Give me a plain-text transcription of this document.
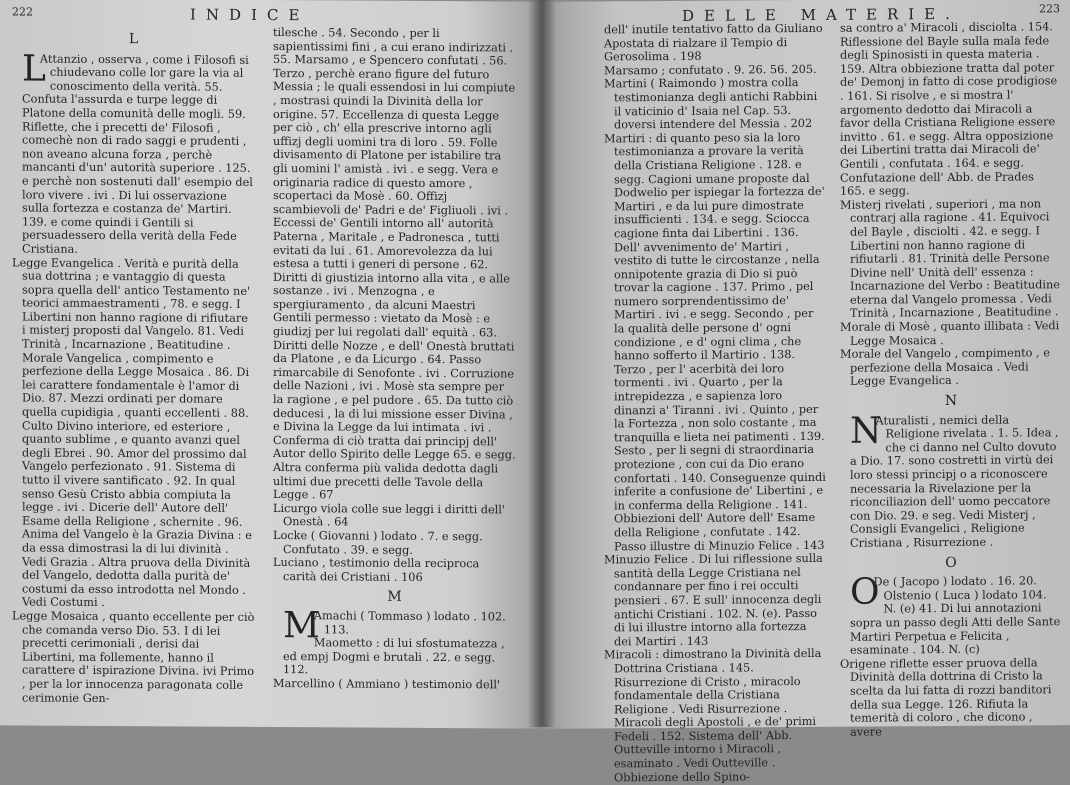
222	INDICE
L

L
Attanzio , osserva , come i Filosofi si chiudevano colle lor gare la via al conoscimento della verità. 55. Confuta l'assurda e turpe legge di Platone della comunità delle mogli. 59. Riflette, che i precetti de' Filosofi , comechè non di rado saggi e prudenti , non aveano alcuna forza , perchè mancanti d'un' autorità superiore . 125. e perchè non sostenuti dall' esempio del loro vivere . ivi . Di lui osservazione sulla fortezza e costanza de' Martiri. 139. e come quindi i Gentili si persuadessero della verità della Fede Cristiana.

Legge Evangelica . Verità e purità della sua dottrina ; e vantaggio di questa sopra quella dell' antico Testamento ne' teorici ammaestramenti , 78. e segg. I Libertini non hanno ragione di rifiutare i misterj proposti dal Vangelo. 81. Vedi Trinità , Incarnazione , Beatitudine . Morale Vangelica , compimento e perfezione della Legge Mosaica . 86. Di lei carattere fondamentale è l'amor di Dio. 87. Mezzi ordinati per domare quella cupidigia , quanti eccellenti . 88. Culto Divino interiore, ed esteriore , quanto sublime , e quanto avanzi quel degli Ebrei . 90. Amor del prossimo dal Vangelo perfezionato . 91. Sistema di tutto il vivere santificato . 92. In qual senso Gesù Cristo abbia compiuta la legge . ivi . Dicerie dell' Autore dell' Esame della Religione , schernite . 96. Anima del Vangelo è la Grazia Divina : e da essa dimostrasi la di lui divinità . Vedi Grazia . Altra pruova della Divinità del Vangelo, dedotta dalla purità de' costumi da esso introdotta nel Mondo . Vedi Costumi .

Legge Mosaica , quanto eccellente per ciò che comanda verso Dio. 53. I di lei precetti cerimoniali , derisi dai Libertini, ma follemente, hanno il carattere d' ispirazione Divina. ivi Primo , per la lor innocenza paragonata colle cerimonie Gen-

tilesche . 54. Secondo , per li sapientissimi fini , a cui erano indirizzati . 55. Marsamo , e Spencero confutati . 56. Terzo , perchè erano figure del futuro Messia ; le quali essendosi in lui compiute , mostrasi quindi la Divinità della lor origine. 57. Eccellenza di questa Legge per ciò , ch' ella prescrive intorno agli uffizj degli uomini tra di loro . 59. Folle divisamento di Platone per istabilire tra gli uomini l' amistà . ivi . e segg. Vera e originaria radice di questo amore , scopertaci da Mosè . 60. Offizj scambievoli de' Padri e de' Figliuoli . ivi . Eccessi de' Gentili intorno all' autorità Paterna , Maritale , e Padronesca , tutti evitati da lui . 61. Amorevolezza da lui estesa a tutti i generi di persone . 62. Diritti di giustizia intorno alla vita , e alle sostanze . ivi . Menzogna , e spergiuramento , da alcuni Maestri Gentili permesso : vietato da Mosè : e giudizj per lui regolati dall' equità . 63. Diritti delle Nozze , e dell' Onestà bruttati da Platone , e da Licurgo . 64. Passo rimarcabile di Senofonte . ivi . Corruzione delle Nazioni , ivi . Mosè sta sempre per la ragione , e pel pudore . 65. Da tutto ciò deducesi , la di lui missione esser Divina , e Divina la Legge da lui intimata . ivi . Conferma di ciò tratta dai principj dell' Autor dello Spirito delle Legge 65. e segg. Altra conferma più valida dedotta dagli ultimi due precetti delle Tavole della Legge . 67

Licurgo viola colle sue leggi i diritti dell' Onestà . 64

Locke ( Giovanni ) lodato . 7. e segg. Confutato . 39. e segg.

Luciano , testimonio della reciproca carità dei Cristiani . 106

M

M
Amachi ( Tommaso ) lodato . 102. 113.

Maometto : di lui sfostumatezza , ed empj Dogmi e brutali . 22. e segg. 112.

Marcellino ( Ammiano ) testimonio dell'

DELLE MATERIE.	223

dell' inutile tentativo fatto da Giuliano Apostata di rialzare il Tempio di Gerosolima . 198

Marsamo ; confutato . 9. 26. 56. 205.

Martini ( Raimondo ) mostra colla testimonianza degli antichi Rabbini il vaticinio d' Isaia nel Cap. 53. doversi intendere del Messia . 202

Martiri : di quanto peso sia la loro testimonianza a provare la verità della Cristiana Religione . 128. e segg. Cagioni umane proposte dal Dodwelio per ispiegar la fortezza de' Martiri , e da lui pure dimostrate insufficienti . 134. e segg. Sciocca cagione finta dai Libertini . 136. Dell' avvenimento de' Martiri , vestito di tutte le circostanze , nella onnipotente grazia di Dio si può trovar la cagione . 137. Primo , pel numero sorprendentissimo de' Martiri . ivi . e segg. Secondo , per la qualità delle persone d' ogni condizione , e d' ogni clima , che hanno sofferto il Martirio . 138. Terzo , per l' acerbità dei loro tormenti . ivi . Quarto , per la intrepidezza , e sapienza loro dinanzi a' Tiranni . ivi . Quinto , per la Fortezza , non solo costante , ma tranquilla e lieta nei patimenti . 139. Sesto , per li segni di straordinaria protezione , con cui da Dio erano confortati . 140. Conseguenze quindi inferite a confusione de' Libertini , e in conferma della Religione . 141. Obbiezioni dell' Autore dell' Esame della Religione , confutate . 142. Passo illustre di Minuzio Felice . 143

Minuzio Felice . Di lui riflessione sulla santità della Legge Cristiana nel condannare per fino i rei occulti pensieri . 67. E sull' innocenza degli antichi Cristiani . 102. N. (e). Passo di lui illustre intorno alla fortezza dei Martiri . 143

Miracoli : dimostrano la Divinità della Dottrina Cristiana . 145. Risurrezione di Cristo , miracolo fondamentale della Cristiana Religione . Vedi Risurrezione . Miracoli degli Apostoli , e de' primi Fedeli . 152. Sistema dell' Abb. Outteville intorno i Miracoli , esaminato . Vedi Outteville . Obbiezione dello Spino-

sa contro a' Miracoli , disciolta . 154. Riflessione del Bayle sulla mala fede degli Spinosisti in questa materia . 159. Altra obbiezione tratta dal poter de' Demonj in fatto di cose prodigiose . 161. Si risolve , e si mostra l' argomento dedotto dai Miracoli a favor della Cristiana Religione essere invitto . 61. e segg. Altra opposizione dei Libertini tratta dai Miracoli de' Gentili , confutata . 164. e segg. Confutazione dell' Abb. de Prades 165. e segg.

Misterj rivelati , superiori , ma non contrarj alla ragione . 41. Equivoci del Bayle , disciolti . 42. e segg. I Libertini non hanno ragione di rifiutarli . 81. Trinità delle Persone Divine nell' Unità dell' essenza : Incarnazione del Verbo : Beatitudine eterna dal Vangelo promessa . Vedi Trinità , Incarnazione , Beatitudine .

Morale di Mosè , quanto illibata : Vedi Legge Mosaica .

Morale del Vangelo , compimento , e perfezione della Mosaica . Vedi Legge Evangelica .

N

N
Aturalisti , nemici della Religione rivelata . 1. 5. Idea , che ci danno nel Culto dovuto a Dio. 17. sono costretti in virtù dei loro stessi principj o a riconoscere necessaria la Rivelazione per la riconciliazion dell' uomo peccatore con Dio. 29. e seg. Vedi Misterj , Consigli Evangelici , Religione Cristiana , Risurrezione .

O

O
De ( Jacopo ) lodato . 16. 20. Olstenio ( Luca ) lodato 104. N. (e) 41. Di lui annotazioni sopra un passo degli Atti delle Sante Martiri Perpetua e Felicita , esaminate . 104. N. (c)

Origene riflette esser pruova della Divinità della dottrina di Cristo la scelta da lui fatta di rozzi banditori della sua Legge. 126. Rifiuta la temerità di coloro , che dicono , avere
